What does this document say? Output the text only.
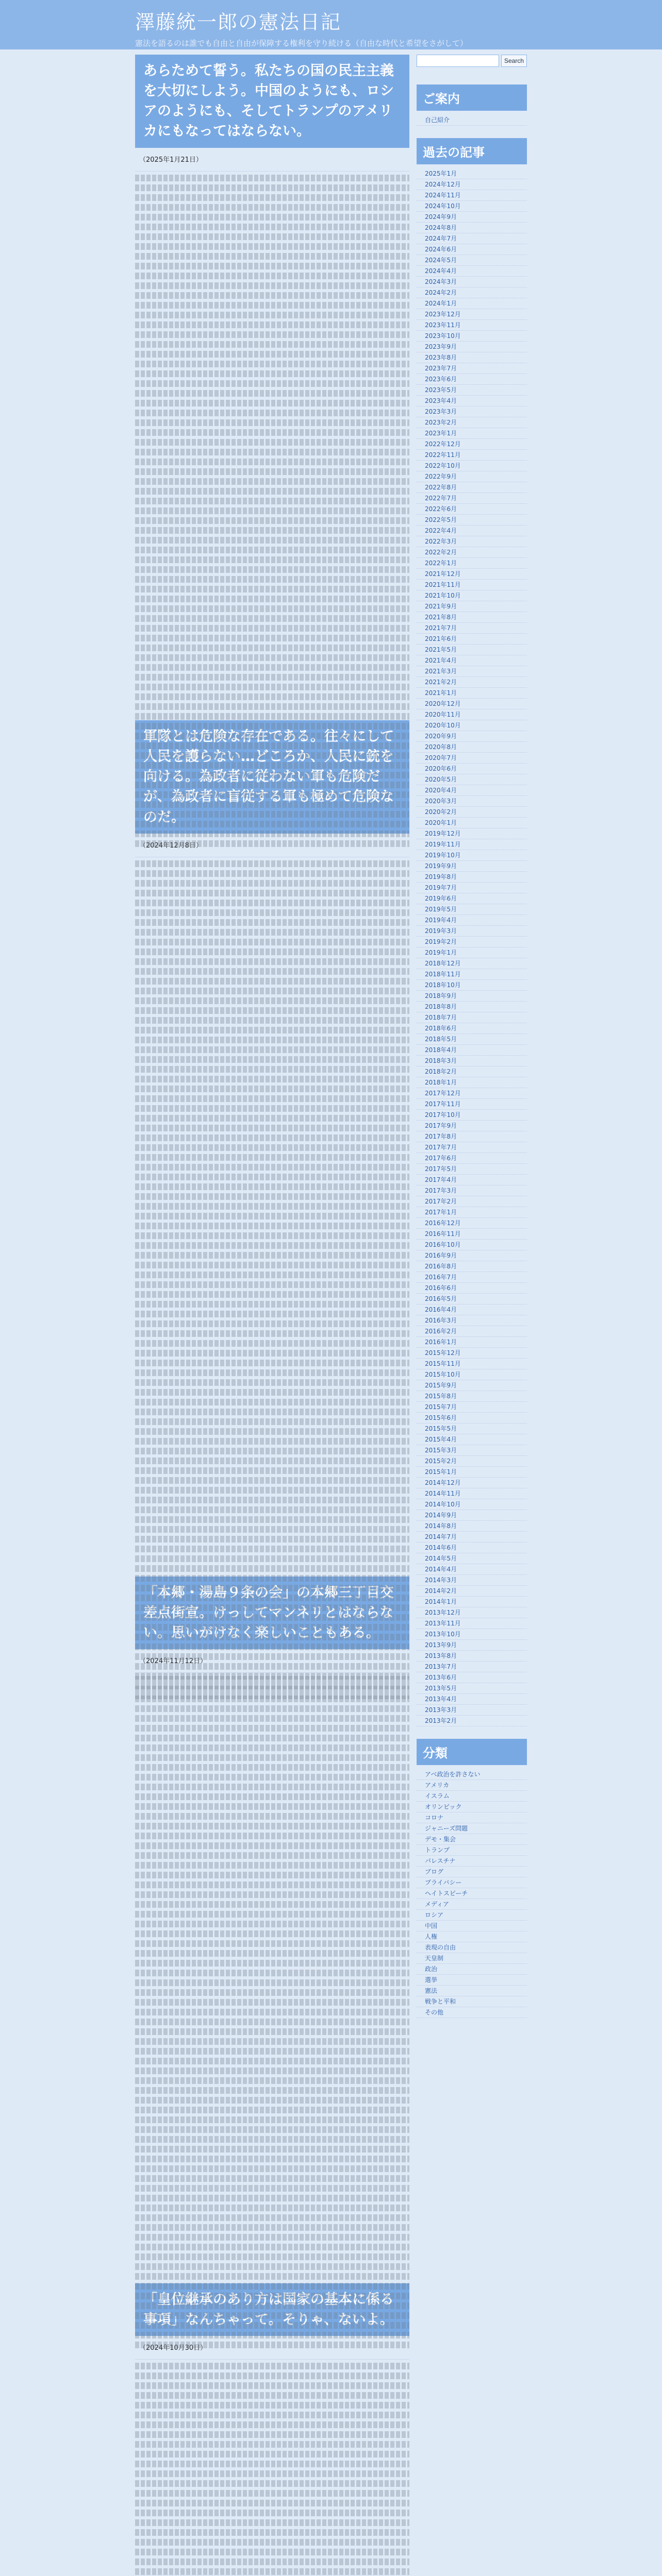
澤藤統一郎の憲法日記
憲法を語るのは誰でも自由と自由が保障する権利を守り続ける（自由な時代と希望をさがして）
あらためて誓う。私たちの国の民主主義を大切にしよう。中国のようにも、ロシアのようにも、そしてトランプのアメリカにもなってはならない。
（2025年1月21日）
軍隊とは危険な存在である。往々にして人民を護らない…どころか、人民に銃を向ける。為政者に従わない軍も危険だが、為政者に盲従する軍も極めて危険なのだ。
（2024年12月8日）
「本郷・湯島９条の会」の本郷三丁目交差点街宣。けっしてマンネリとはならない。思いがけなく楽しいこともある。
（2024年11月12日）
「皇位継承のあり方は国家の基本に係る事項」なんちゃって。そりゃ、ないよ。
（2024年10月30日）
Search
ご案内
自己紹介
過去の記事
2025年1月
2024年12月
2024年11月
2024年10月
2024年9月
2024年8月
2024年7月
2024年6月
2024年5月
2024年4月
2024年3月
2024年2月
2024年1月
2023年12月
2023年11月
2023年10月
2023年9月
2023年8月
2023年7月
2023年6月
2023年5月
2023年4月
2023年3月
2023年2月
2023年1月
2022年12月
2022年11月
2022年10月
2022年9月
2022年8月
2022年7月
2022年6月
2022年5月
2022年4月
2022年3月
2022年2月
2022年1月
2021年12月
2021年11月
2021年10月
2021年9月
2021年8月
2021年7月
2021年6月
2021年5月
2021年4月
2021年3月
2021年2月
2021年1月
2020年12月
2020年11月
2020年10月
2020年9月
2020年8月
2020年7月
2020年6月
2020年5月
2020年4月
2020年3月
2020年2月
2020年1月
2019年12月
2019年11月
2019年10月
2019年9月
2019年8月
2019年7月
2019年6月
2019年5月
2019年4月
2019年3月
2019年2月
2019年1月
2018年12月
2018年11月
2018年10月
2018年9月
2018年8月
2018年7月
2018年6月
2018年5月
2018年4月
2018年3月
2018年2月
2018年1月
2017年12月
2017年11月
2017年10月
2017年9月
2017年8月
2017年7月
2017年6月
2017年5月
2017年4月
2017年3月
2017年2月
2017年1月
2016年12月
2016年11月
2016年10月
2016年9月
2016年8月
2016年7月
2016年6月
2016年5月
2016年4月
2016年3月
2016年2月
2016年1月
2015年12月
2015年11月
2015年10月
2015年9月
2015年8月
2015年7月
2015年6月
2015年5月
2015年4月
2015年3月
2015年2月
2015年1月
2014年12月
2014年11月
2014年10月
2014年9月
2014年8月
2014年7月
2014年6月
2014年5月
2014年4月
2014年3月
2014年2月
2014年1月
2013年12月
2013年11月
2013年10月
2013年9月
2013年8月
2013年7月
2013年6月
2013年5月
2013年4月
2013年3月
2013年2月
分類
アベ政治を許さない
アメリカ
イスラム
オリンピック
コロナ
ジャニーズ問題
デモ・集会
トランプ
パレスチナ
ブログ
プライバシー
ヘイトスピーチ
メディア
ロシア
中国
人権
表現の自由
天皇制
政治
選挙
憲法
戦争と平和
その他
